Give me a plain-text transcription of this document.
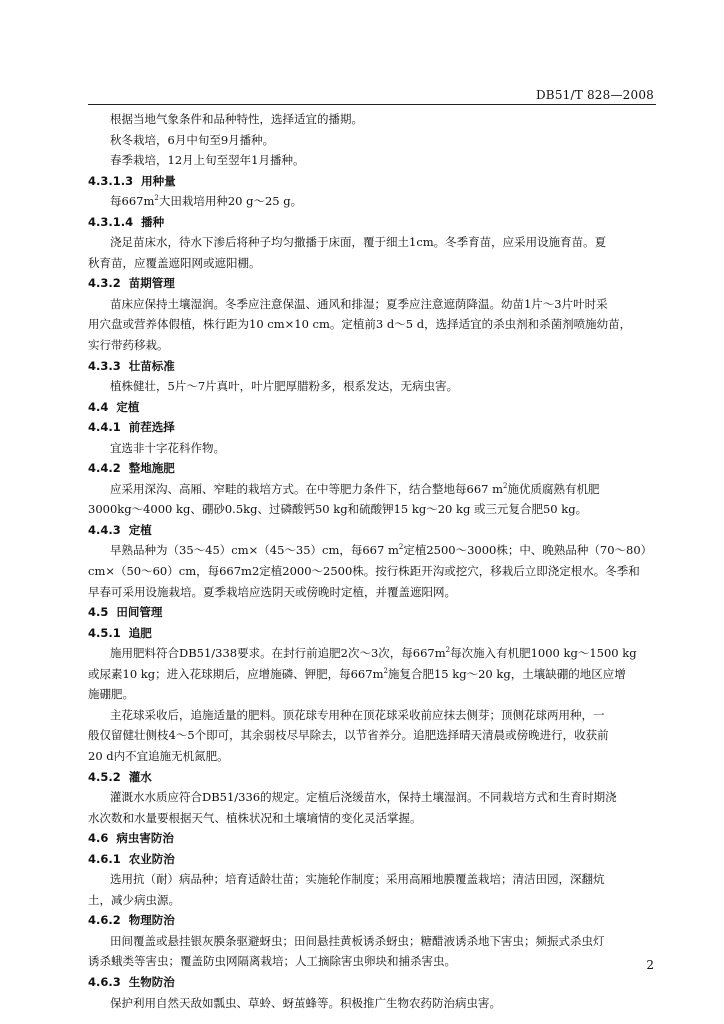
DB51/T 828—2008
根据当地气象条件和品种特性，选择适宜的播期。
秋冬栽培，6月中旬至9月播种。
春季栽培，12月上旬至翌年1月播种。
4.3.1.3 用种量
每$667m^2$大田栽培用种20 g～25 g。
4.3.1.4 播种
浇足苗床水，待水下渗后将种子均匀撒播于床面，覆于细土1cm。冬季育苗，应采用设施育苗。夏
秋育苗，应覆盖遮阳网或遮阳棚。
4.3.2 苗期管理
苗床应保持土壤湿润。冬季应注意保温、通风和排湿；夏季应注意遮荫降温。幼苗1片～3片叶时采
用穴盘或营养体假植，株行距为10 cm×10 cm。定植前3 d～5 d，选择适宜的杀虫剂和杀菌剂喷施幼苗，
实行带药移栽。
4.3.3 壮苗标准
植株健壮，5片～7片真叶，叶片肥厚腊粉多，根系发达，无病虫害。
4.4 定植
4.4.1 前茬选择
宜选非十字花科作物。
4.4.2 整地施肥
应采用深沟、高厢、窄畦的栽培方式。在中等肥力条件下，结合整地每667 $m^2$施优质腐熟有机肥
3000kg～4000 kg、硼砂0.5kg、过磷酸钙50 kg和硫酸钾15 kg～20 kg 或三元复合肥50 kg。
4.4.3 定植
早熟品种为（35～45）cm×（45～35）cm，每667 $m^2$定植2500～3000株；中、晚熟品种（70～80）
cm×（50～60）cm，每667m2定植2000～2500株。按行株距开沟或挖穴，移栽后立即浇定根水。冬季和
早春可采用设施栽培。夏季栽培应选阴天或傍晚时定植，并覆盖遮阳网。
4.5 田间管理
4.5.1 追肥
施用肥料符合DB51/338要求。在封行前追肥2次～3次，每$667m^2$每次施入有机肥1000 kg～1500 kg
或尿素10 kg；进入花球期后，应增施磷、钾肥，每$667m^2$施复合肥15 kg～20 kg，土壤缺硼的地区应增
施硼肥。
主花球采收后，追施适量的肥料。顶花球专用种在顶花球采收前应抹去侧芽；顶侧花球两用种，一
般仅留健壮侧枝4～5个即可，其余弱枝尽早除去，以节省养分。追肥选择晴天清晨或傍晚进行，收获前
20 d内不宜追施无机氮肥。
4.5.2 灌水
灌溉水水质应符合DB51/336的规定。定植后浇缓苗水，保持土壤湿润。不同栽培方式和生育时期浇
水次数和水量要根据天气、植株状况和土壤墒情的变化灵活掌握。
4.6 病虫害防治
4.6.1 农业防治
选用抗（耐）病品种；培育适龄壮苗；实施轮作制度；采用高厢地膜覆盖栽培；清洁田园，深翻炕
土，减少病虫源。
4.6.2 物理防治
田间覆盖或悬挂银灰膜条驱避蚜虫；田间悬挂黄板诱杀蚜虫；糖醋液诱杀地下害虫；频振式杀虫灯
诱杀蛾类等害虫；覆盖防虫网隔离栽培；人工摘除害虫卵块和捕杀害虫。
4.6.3 生物防治
保护利用自然天敌如瓢虫、草蛉、蚜茧蜂等。积极推广生物农药防治病虫害。
2
